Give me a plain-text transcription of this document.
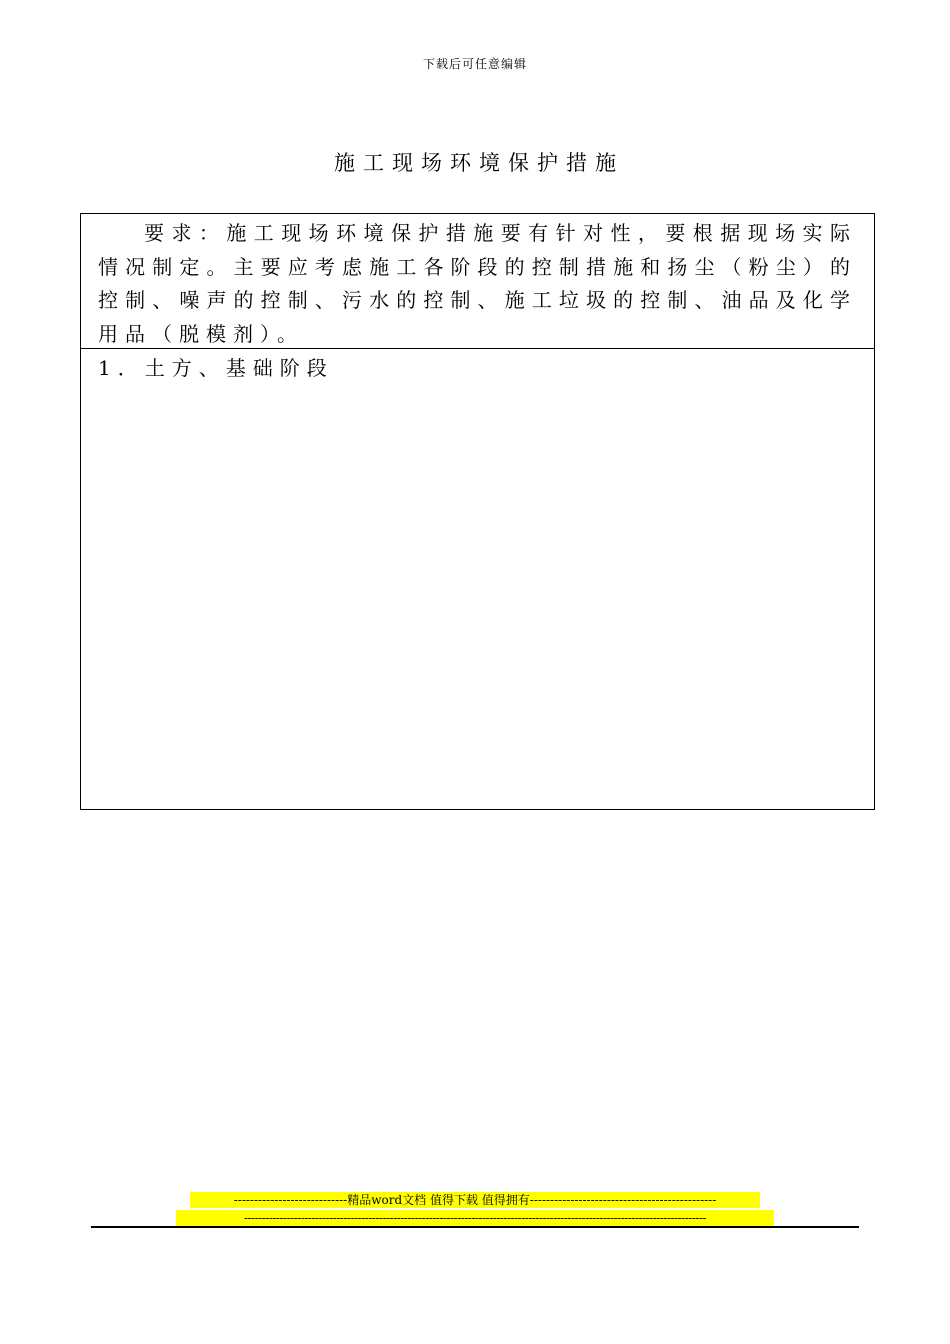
下载后可任意编辑
施工现场环境保护措施
要求：施工现场环境保护措施要有针对性，要根据现场实际情况制定。主要应考虑施工各阶段的控制措施和扬尘（粉尘）的控制、噪声的控制、污水的控制、施工垃圾的控制、油品及化学用品（脱模剂）。
1．土方、基础阶段
----------------------------精品word文档 值得下载 值得拥有----------------------------------------------
----------------------------------------------------------------------------------------------------------------------------------
